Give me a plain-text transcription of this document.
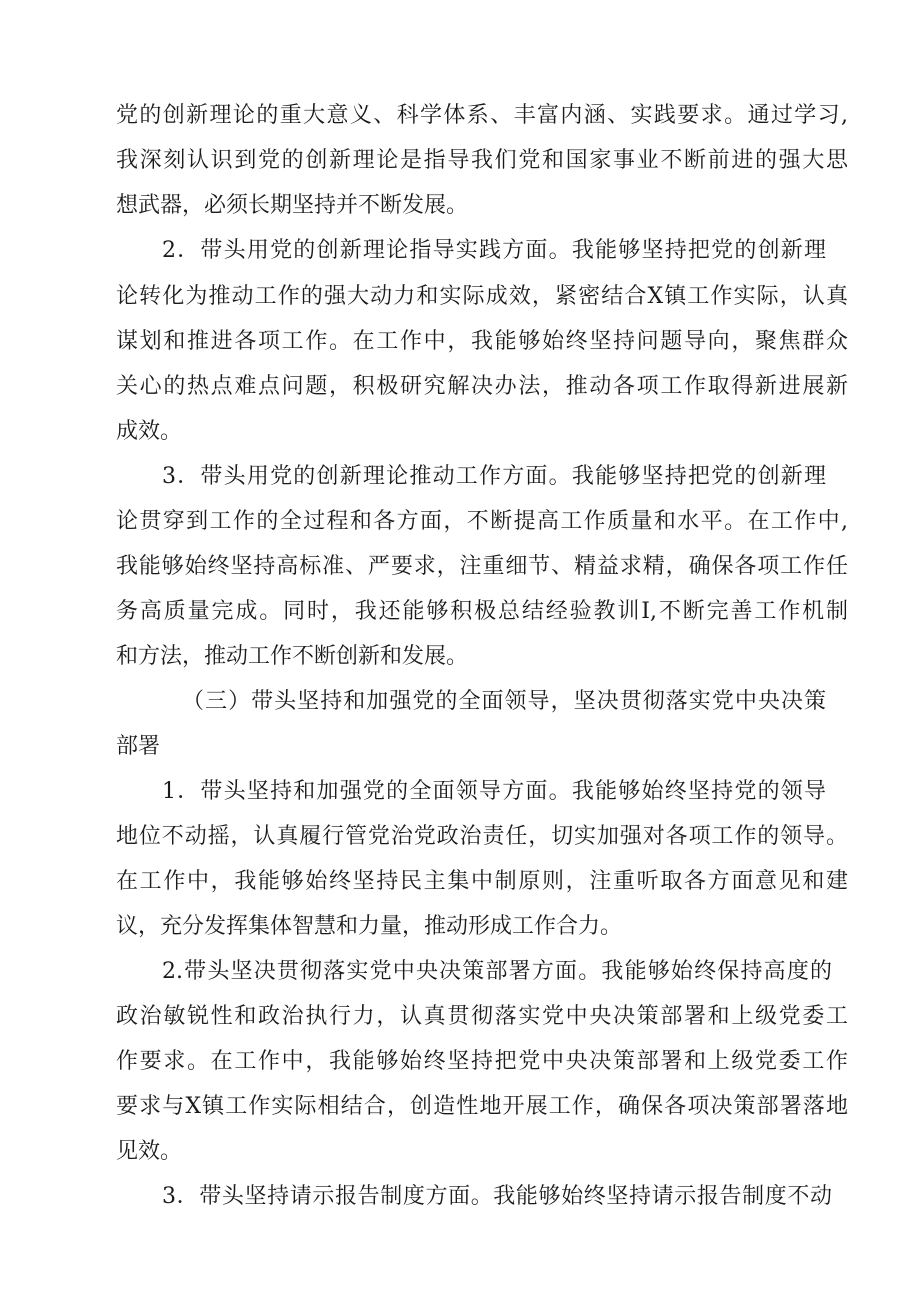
党的创新理论的重大意义、科学体系、丰富内涵、实践要求。通过学习,
我深刻认识到党的创新理论是指导我们党和国家事业不断前进的强大思
想武器，必须长期坚持并不断发展。
2．带头用党的创新理论指导实践方面。我能够坚持把党的创新理
论转化为推动工作的强大动力和实际成效，紧密结合X镇工作实际，认真
谋划和推进各项工作。在工作中，我能够始终坚持问题导向，聚焦群众
关心的热点难点问题，积极研究解决办法，推动各项工作取得新进展新
成效。
3．带头用党的创新理论推动工作方面。我能够坚持把党的创新理
论贯穿到工作的全过程和各方面，不断提高工作质量和水平。在工作中,
我能够始终坚持高标准、严要求，注重细节、精益求精，确保各项工作任
务高质量完成。同时，我还能够积极总结经验教训I,不断完善工作机制
和方法，推动工作不断创新和发展。
（三）带头坚持和加强党的全面领导，坚决贯彻落实党中央决策
部署
1．带头坚持和加强党的全面领导方面。我能够始终坚持党的领导
地位不动摇，认真履行管党治党政治责任，切实加强对各项工作的领导。
在工作中，我能够始终坚持民主集中制原则，注重听取各方面意见和建
议，充分发挥集体智慧和力量，推动形成工作合力。
2.带头坚决贯彻落实党中央决策部署方面。我能够始终保持高度的
政治敏锐性和政治执行力，认真贯彻落实党中央决策部署和上级党委工
作要求。在工作中，我能够始终坚持把党中央决策部署和上级党委工作
要求与X镇工作实际相结合，创造性地开展工作，确保各项决策部署落地
见效。
3．带头坚持请示报告制度方面。我能够始终坚持请示报告制度不动
